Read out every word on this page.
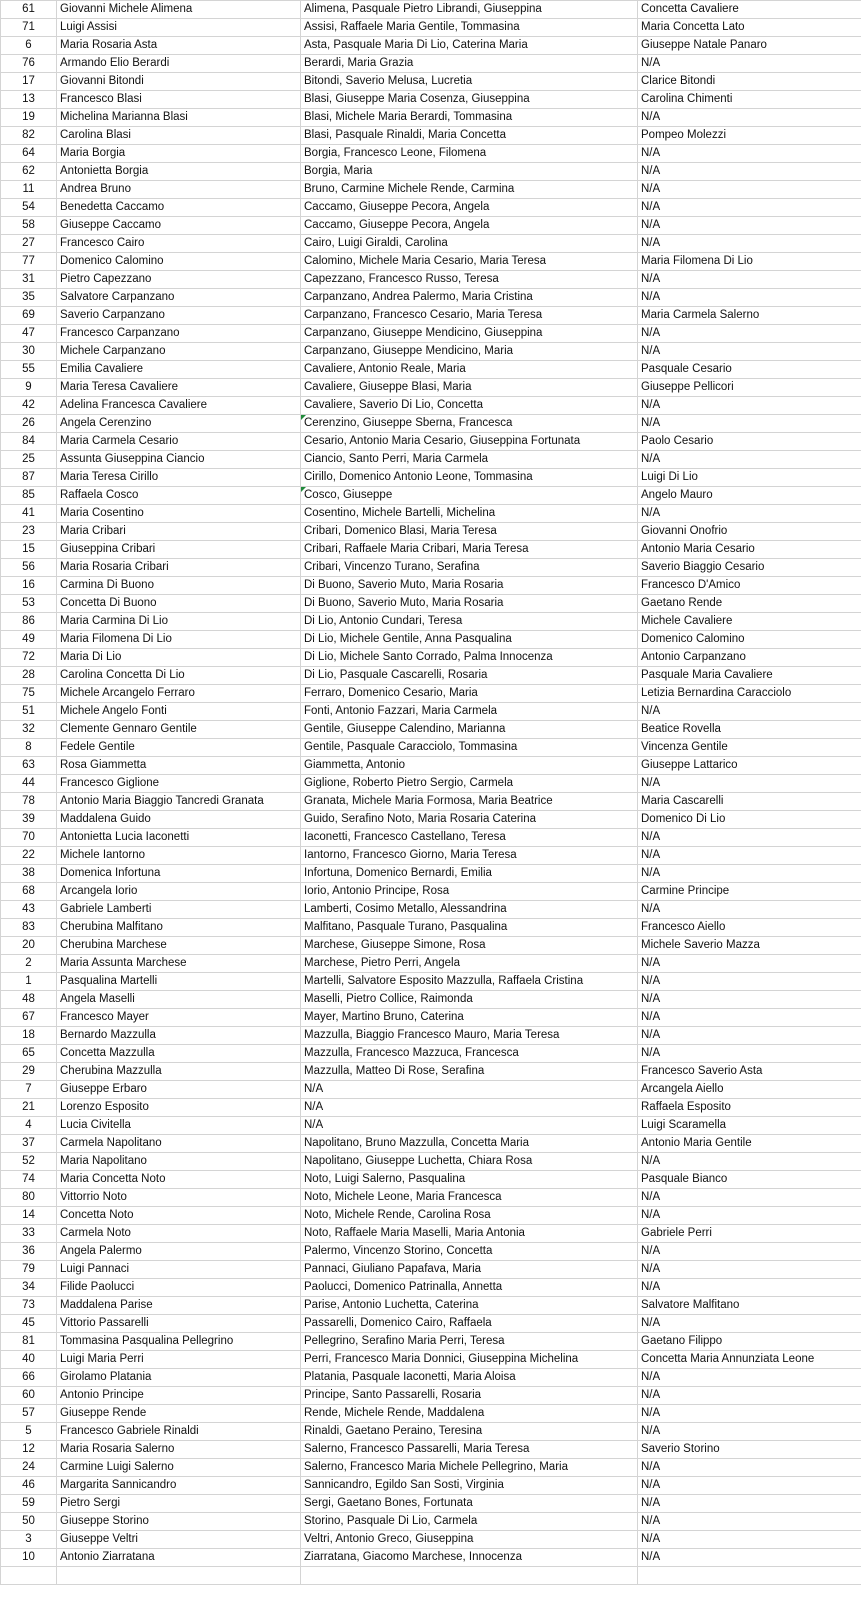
61	Giovanni Michele Alimena	Alimena, Pasquale Pietro Librandi, Giuseppina	Concetta Cavaliere
71	Luigi Assisi	Assisi, Raffaele Maria Gentile, Tommasina	Maria Concetta Lato
6	Maria Rosaria Asta	Asta, Pasquale Maria Di Lio, Caterina Maria	Giuseppe Natale Panaro
76	Armando Elio Berardi	Berardi, Maria Grazia	N/A
17	Giovanni Bitondi	Bitondi, Saverio Melusa, Lucretia	Clarice Bitondi
13	Francesco Blasi	Blasi, Giuseppe Maria Cosenza, Giuseppina	Carolina Chimenti
19	Michelina Marianna Blasi	Blasi, Michele Maria Berardi, Tommasina	N/A
82	Carolina Blasi	Blasi, Pasquale Rinaldi, Maria Concetta	Pompeo Molezzi
64	Maria Borgia	Borgia, Francesco Leone, Filomena	N/A
62	Antonietta Borgia	Borgia, Maria	N/A
11	Andrea Bruno	Bruno, Carmine Michele Rende, Carmina	N/A
54	Benedetta Caccamo	Caccamo, Giuseppe Pecora, Angela	N/A
58	Giuseppe Caccamo	Caccamo, Giuseppe Pecora, Angela	N/A
27	Francesco Cairo	Cairo, Luigi Giraldi, Carolina	N/A
77	Domenico Calomino	Calomino, Michele Maria Cesario, Maria Teresa	Maria Filomena Di Lio
31	Pietro Capezzano	Capezzano, Francesco Russo, Teresa	N/A
35	Salvatore Carpanzano	Carpanzano, Andrea Palermo, Maria Cristina	N/A
69	Saverio Carpanzano	Carpanzano, Francesco Cesario, Maria Teresa	Maria Carmela Salerno
47	Francesco Carpanzano	Carpanzano, Giuseppe Mendicino, Giuseppina	N/A
30	Michele Carpanzano	Carpanzano, Giuseppe Mendicino, Maria	N/A
55	Emilia Cavaliere	Cavaliere, Antonio Reale, Maria	Pasquale Cesario
9	Maria Teresa Cavaliere	Cavaliere, Giuseppe Blasi, Maria	Giuseppe Pellicori
42	Adelina Francesca Cavaliere	Cavaliere, Saverio Di Lio, Concetta	N/A
26	Angela Cerenzino	Cerenzino, Giuseppe Sberna, Francesca	N/A
84	Maria Carmela Cesario	Cesario, Antonio Maria Cesario, Giuseppina Fortunata	Paolo Cesario
25	Assunta Giuseppina Ciancio	Ciancio, Santo Perri, Maria Carmela	N/A
87	Maria Teresa Cirillo	Cirillo, Domenico Antonio Leone, Tommasina	Luigi Di Lio
85	Raffaela Cosco	Cosco, Giuseppe	Angelo Mauro
41	Maria Cosentino	Cosentino, Michele Bartelli, Michelina	N/A
23	Maria Cribari	Cribari, Domenico Blasi, Maria Teresa	Giovanni Onofrio
15	Giuseppina Cribari	Cribari, Raffaele Maria Cribari, Maria Teresa	Antonio Maria Cesario
56	Maria Rosaria Cribari	Cribari, Vincenzo Turano, Serafina	Saverio Biaggio Cesario
16	Carmina Di Buono	Di Buono, Saverio Muto, Maria Rosaria	Francesco D'Amico
53	Concetta Di Buono	Di Buono, Saverio Muto, Maria Rosaria	Gaetano Rende
86	Maria Carmina Di Lio	Di Lio, Antonio Cundari, Teresa	Michele Cavaliere
49	Maria Filomena Di Lio	Di Lio, Michele Gentile, Anna Pasqualina	Domenico Calomino
72	Maria Di Lio	Di Lio, Michele Santo Corrado, Palma Innocenza	Antonio Carpanzano
28	Carolina Concetta Di Lio	Di Lio, Pasquale Cascarelli, Rosaria	Pasquale Maria Cavaliere
75	Michele Arcangelo Ferraro	Ferraro, Domenico Cesario, Maria	Letizia Bernardina Caracciolo
51	Michele Angelo Fonti	Fonti, Antonio Fazzari, Maria Carmela	N/A
32	Clemente Gennaro Gentile	Gentile, Giuseppe Calendino, Marianna	Beatice Rovella
8	Fedele Gentile	Gentile, Pasquale Caracciolo, Tommasina	Vincenza Gentile
63	Rosa Giammetta	Giammetta, Antonio	Giuseppe Lattarico
44	Francesco Giglione	Giglione, Roberto Pietro Sergio, Carmela	N/A
78	Antonio Maria Biaggio Tancredi Granata	Granata, Michele Maria Formosa, Maria Beatrice	Maria Cascarelli
39	Maddalena Guido	Guido, Serafino Noto, Maria Rosaria Caterina	Domenico Di Lio
70	Antonietta Lucia Iaconetti	Iaconetti, Francesco Castellano, Teresa	N/A
22	Michele Iantorno	Iantorno, Francesco Giorno, Maria Teresa	N/A
38	Domenica Infortuna	Infortuna, Domenico Bernardi, Emilia	N/A
68	Arcangela Iorio	Iorio, Antonio Principe, Rosa	Carmine Principe
43	Gabriele Lamberti	Lamberti, Cosimo Metallo, Alessandrina	N/A
83	Cherubina Malfitano	Malfitano, Pasquale Turano, Pasqualina	Francesco Aiello
20	Cherubina Marchese	Marchese, Giuseppe Simone, Rosa	Michele Saverio Mazza
2	Maria Assunta Marchese	Marchese, Pietro Perri, Angela	N/A
1	Pasqualina Martelli	Martelli, Salvatore Esposito Mazzulla, Raffaela Cristina	N/A
48	Angela Maselli	Maselli, Pietro Collice, Raimonda	N/A
67	Francesco Mayer	Mayer, Martino Bruno, Caterina	N/A
18	Bernardo Mazzulla	Mazzulla, Biaggio Francesco Mauro, Maria Teresa	N/A
65	Concetta Mazzulla	Mazzulla, Francesco Mazzuca, Francesca	N/A
29	Cherubina Mazzulla	Mazzulla, Matteo Di Rose, Serafina	Francesco Saverio Asta
7	Giuseppe Erbaro	N/A	Arcangela Aiello
21	Lorenzo Esposito	N/A	Raffaela Esposito
4	Lucia Civitella	N/A	Luigi Scaramella
37	Carmela Napolitano	Napolitano, Bruno Mazzulla, Concetta Maria	Antonio Maria Gentile
52	Maria Napolitano	Napolitano, Giuseppe Luchetta, Chiara Rosa	N/A
74	Maria Concetta Noto	Noto, Luigi Salerno, Pasqualina	Pasquale Bianco
80	Vittorrio Noto	Noto, Michele Leone, Maria Francesca	N/A
14	Concetta Noto	Noto, Michele Rende, Carolina Rosa	N/A
33	Carmela Noto	Noto, Raffaele Maria Maselli, Maria Antonia	Gabriele Perri
36	Angela Palermo	Palermo, Vincenzo Storino, Concetta	N/A
79	Luigi Pannaci	Pannaci, Giuliano Papafava, Maria	N/A
34	Filide Paolucci	Paolucci, Domenico Patrinalla, Annetta	N/A
73	Maddalena Parise	Parise, Antonio Luchetta, Caterina	Salvatore Malfitano
45	Vittorio Passarelli	Passarelli, Domenico Cairo, Raffaela	N/A
81	Tommasina Pasqualina Pellegrino	Pellegrino, Serafino Maria Perri, Teresa	Gaetano Filippo
40	Luigi Maria Perri	Perri, Francesco Maria Donnici, Giuseppina Michelina	Concetta Maria Annunziata Leone
66	Girolamo Platania	Platania, Pasquale Iaconetti, Maria Aloisa	N/A
60	Antonio Principe	Principe, Santo Passarelli, Rosaria	N/A
57	Giuseppe Rende	Rende, Michele Rende, Maddalena	N/A
5	Francesco Gabriele Rinaldi	Rinaldi, Gaetano Peraino, Teresina	N/A
12	Maria Rosaria Salerno	Salerno, Francesco Passarelli, Maria Teresa	Saverio Storino
24	Carmine Luigi Salerno	Salerno, Francesco Maria Michele Pellegrino, Maria	N/A
46	Margarita Sannicandro	Sannicandro, Egildo San Sosti, Virginia	N/A
59	Pietro Sergi	Sergi, Gaetano Bones, Fortunata	N/A
50	Giuseppe Storino	Storino, Pasquale Di Lio, Carmela	N/A
3	Giuseppe Veltri	Veltri, Antonio Greco, Giuseppina	N/A
10	Antonio Ziarratana	Ziarratana, Giacomo Marchese, Innocenza	N/A
